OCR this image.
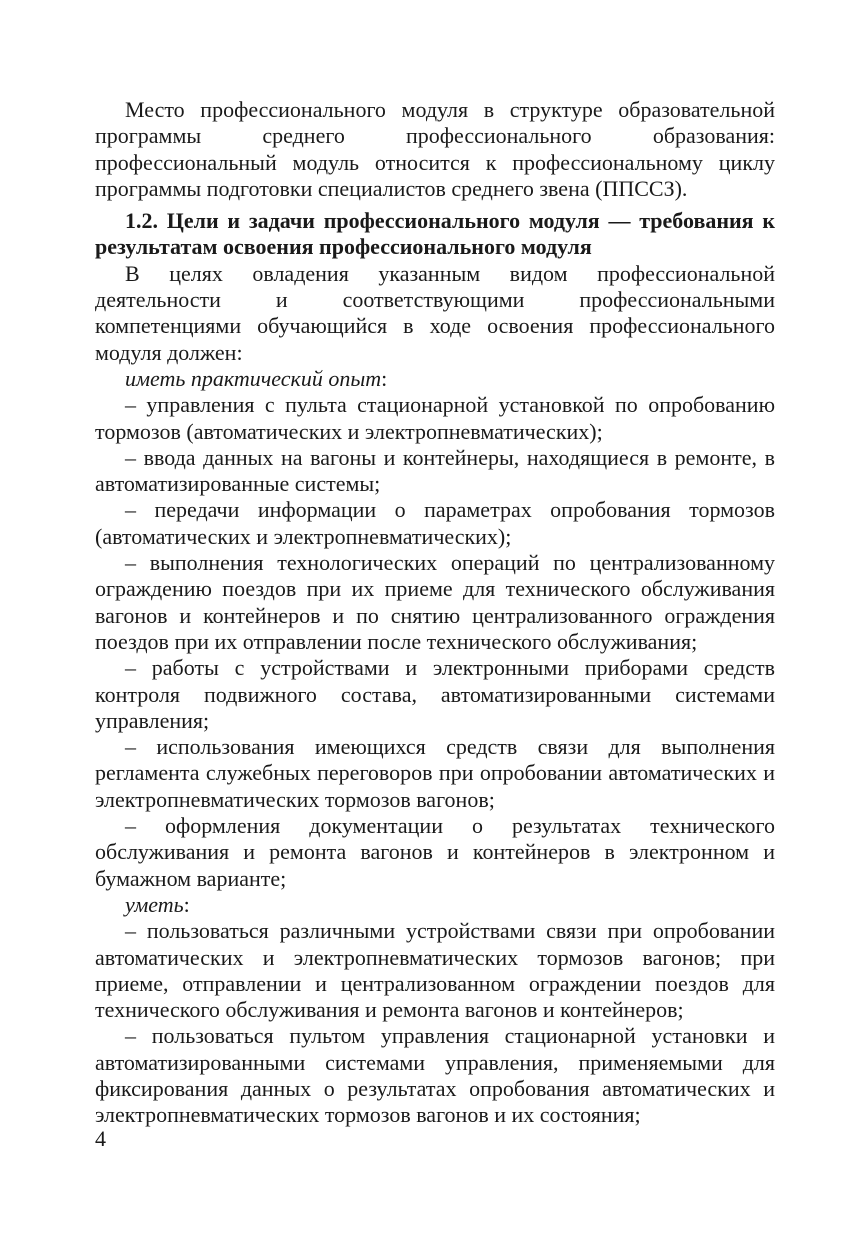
Место профессионального модуля в структуре образовательной программы среднего профессионального образования: профессиональный модуль относится к профессиональному циклу программы подготовки специалистов среднего звена (ППССЗ).

1.2. Цели и задачи профессионального модуля — требования к результатам освоения профессионального модуля

В целях овладения указанным видом профессиональной деятельности и соответствующими профессиональными компетенциями обучающийся в ходе освоения профессионального модуля должен:

иметь практический опыт:

– управления с пульта стационарной установкой по опробованию тормозов (автоматических и электропневматических);

– ввода данных на вагоны и контейнеры, находящиеся в ремонте, в автоматизированные системы;

– передачи информации о параметрах опробования тормозов (автоматических и электропневматических);

– выполнения технологических операций по централизованному ограждению поездов при их приеме для технического обслуживания вагонов и контейнеров и по снятию централизованного ограждения поездов при их отправлении после технического обслуживания;

– работы с устройствами и электронными приборами средств контроля подвижного состава, автоматизированными системами управления;

– использования имеющихся средств связи для выполнения регламента служебных переговоров при опробовании автоматических и электропневматических тормозов вагонов;

– оформления документации о результатах технического обслуживания и ремонта вагонов и контейнеров в электронном и бумажном варианте;

уметь:

– пользоваться различными устройствами связи при опробовании автоматических и электропневматических тормозов вагонов; при приеме, отправлении и централизованном ограждении поездов для технического обслуживания и ремонта вагонов и контейнеров;

– пользоваться пультом управления стационарной установки и автоматизированными системами управления, применяемыми для фиксирования данных о результатах опробования автоматических и электропневматических тормозов вагонов и их состояния;

4
